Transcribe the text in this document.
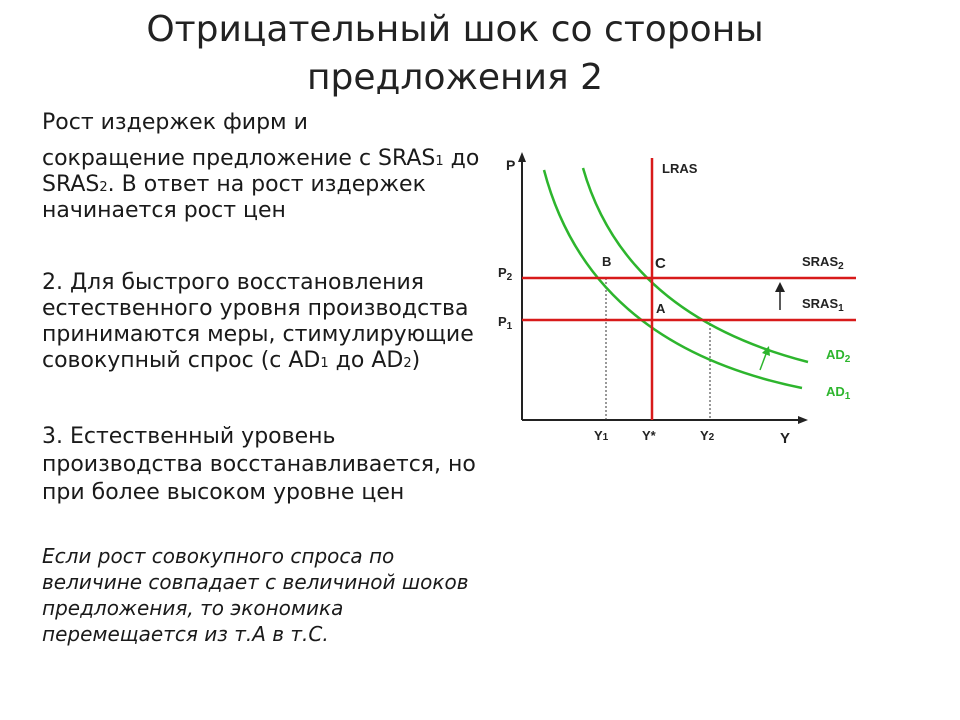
Отрицательный шок со стороны предложения 2
Рост издержек фирм и
сокращение предложение с SRAS1 до
SRAS2. В ответ на рост издержек
начинается рост цен
2. Для быстрого восстановления
естественного уровня производства
принимаются меры, стимулирующие
совокупный спрос (с AD1 до AD2)
3. Естественный уровень
производства восстанавливается, но
при более высоком уровне цен
Если рост совокупного спроса по
величине совпадает с величиной шоков
предложения, то экономика
перемещается из т.А в т.С.
P
Y
LRAS
$SRAS_2$
$SRAS_1$
$AD_2$
$AD_1$
$P_2$
$P_1$
B	C
A
Y1	Y*	Y2
